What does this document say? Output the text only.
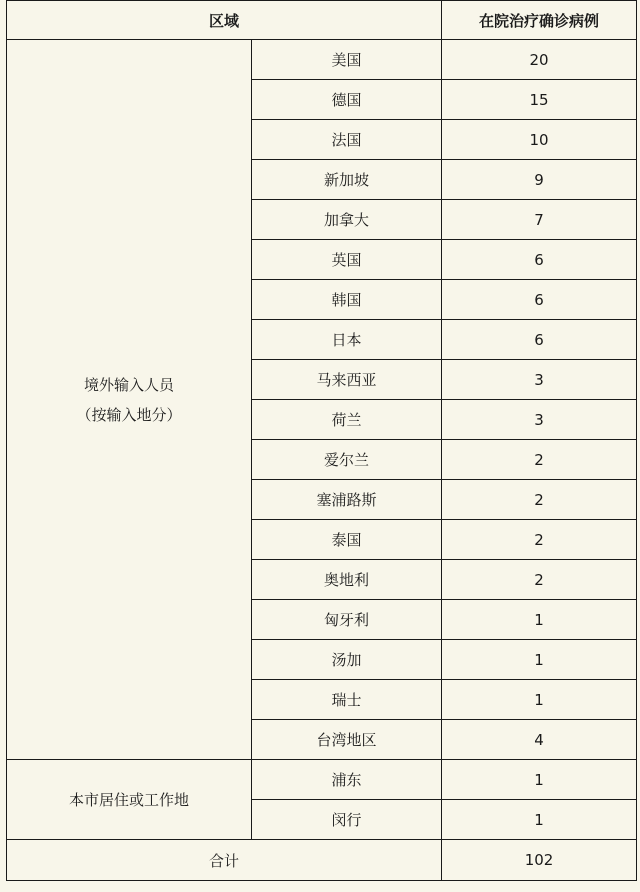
区域		在院治疗确诊病例

境外输入人员
（按输入地分）	美国	20
	德国	15
	法国	10
	新加坡	9
	加拿大	7
	英国	6
	韩国	6
	日本	6
	马来西亚	3
	荷兰	3
	爱尔兰	2
	塞浦路斯	2
	泰国	2
	奥地利	2
	匈牙利	1
	汤加	1
	瑞士	1
	台湾地区	4

本市居住或工作地	浦东	1
	闵行	1
合计		102
